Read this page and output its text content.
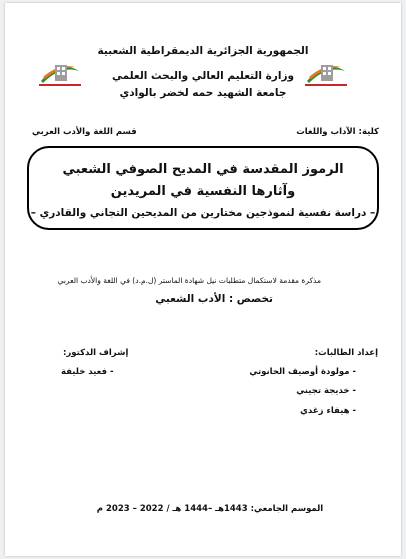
الجمهورية الجزائرية الديمقراطية الشعبية
وزارة التعليم العالي والبحث العلمي
جامعة الشهيد حمه لخضر بالوادي
كلية: الآداب واللغات
قسم اللغة والأدب العربي
الرموز المقدسة في المديح الصوفي الشعبي
وآثارها النفسية في المريدين
– دراسة نفسية لنموذجين مختارين من المديحين التجاني والقادري –
مذكرة مقدمة لاستكمال متطلبات نيل شهادة الماستر (ل.م.د) في اللغة والأدب العربي
تخصص : الأدب الشعبي
إعداد الطالبات:
- مولودة أوصيف الحانوتي
- خديجة تجيني
- هيفاء زغدي
إشراف الدكتور:
- فعيد خليفة
الموسم الجامعي: 1443هـ –1444 هـ / 2022 – 2023 م
